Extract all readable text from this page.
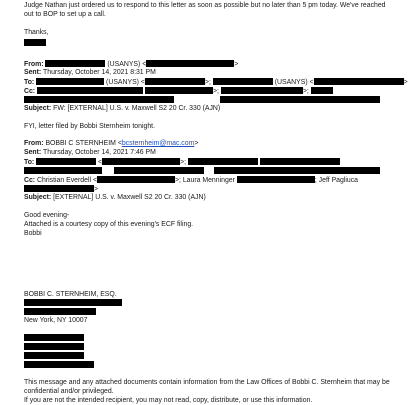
Judge Nathan just ordered us to respond to this letter as soon as possible but no later than 5 pm today. We've reached
out to BOP to set up a call.
Thanks,
From:	(USANYS) <	>
Sent: Thursday, October 14, 2021 8:31 PM
To:	(USANYS) <	>;	(USANYS) <	>
Cc:	>;	>;
Subject: FW: [EXTERNAL] U.S. v. Maxwell S2 20 Cr. 330 (AJN)
FYI, letter filed by Bobbi Sternheim tonight.
From: BOBBI C STERNHEIM <bcsternheim@mac.com>
Sent: Thursday, October 14, 2021 7:46 PM
To:	<	>;
Cc: Christian Everdell <	>; Laura Menninger	; Jeff Pagliuca
>
Subject: [EXTERNAL] U.S. v. Maxwell S2 20 Cr. 330 (AJN)
Good evening-
Attached is a courtesy copy of this evening's ECF filing.
Bobbi
BOBBI C. STERNHEIM, ESQ.
New York, NY 10007
This message and any attached documents contain information from the Law Offices of Bobbi C. Sternheim that may be
confidential and/or privileged.
If you are not the intended recipient, you may not read, copy, distribute, or use this information.
